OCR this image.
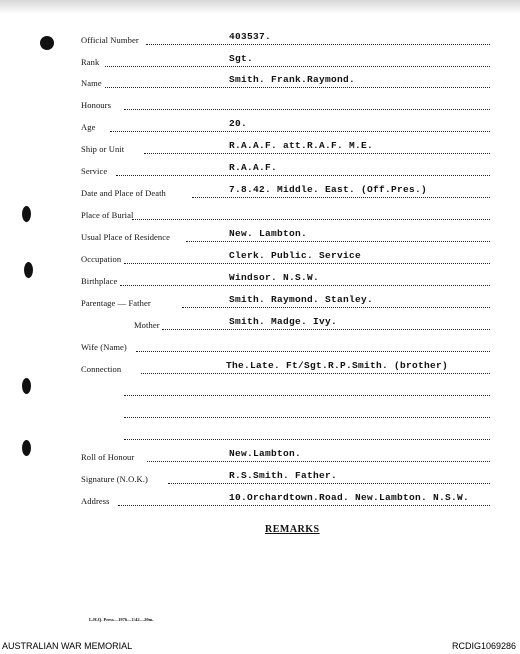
Official Number	403537.
Rank	Sgt.
Name	Smith. Frank.Raymond.
Honours
Age	20.
Ship or Unit	R.A.A.F. att.R.A.F. M.E.
Service	R.A.A.F.
Date and Place of Death	7.8.42. Middle. East. (Off.Pres.)
Place of Burial
Usual Place of Residence	New. Lambton.
Occupation	Clerk. Public. Service
Birthplace	Windsor. N.S.W.
Parentage — Father	Smith. Raymond. Stanley.
Mother	Smith. Madge. Ivy.
Wife (Name)
Connection	The.Late. Ft/Sgt.R.P.Smith. (brother)
Roll of Honour	New.Lambton.
Signature (N.O.K.)	R.S.Smith. Father.
Address	10.Orchardtown.Road. New.Lambton. N.S.W.
REMARKS
L.H.Q. Press—1976—1/42—20m.
AUSTRALIAN WAR MEMORIAL	RCDIG1069286
